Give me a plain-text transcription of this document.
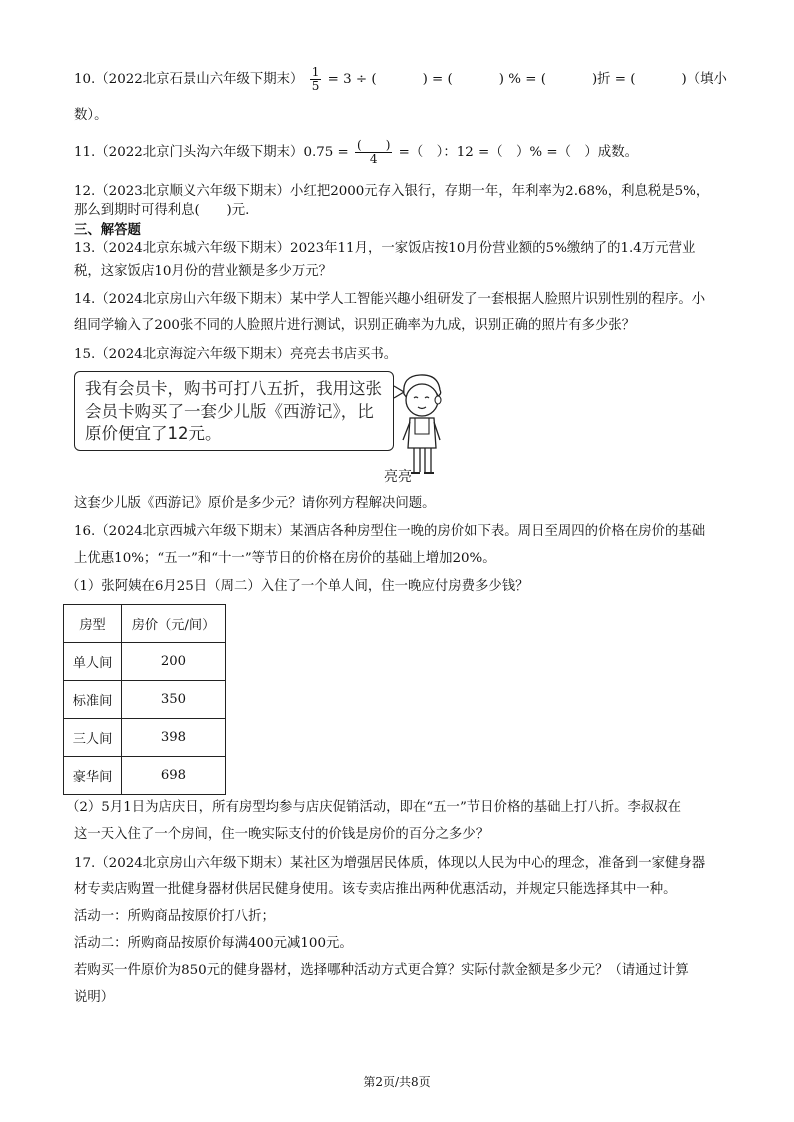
10.（2022北京石景山六年级下期末） $\frac{1}{5} = 3$ ÷ (	) = (	) % = (	)折 = (	)（填小
数）。
11.（2022北京门头沟六年级下期末）$0.75 = \frac{( )}{4}$ =（　）：12 =（　）% =（　）成数。
12.（2023北京顺义六年级下期末）小红把2000元存入银行，存期一年，年利率为2.68%，利息税是5%，
那么到期时可得利息(　　)元.
三、解答题
13.（2024北京东城六年级下期末）2023年11月，一家饭店按10月份营业额的5%缴纳了的1.4万元营业
税，这家饭店10月份的营业额是多少万元？
14.（2024北京房山六年级下期末）某中学人工智能兴趣小组研发了一套根据人脸照片识别性别的程序。小
组同学输入了200张不同的人脸照片进行测试，识别正确率为九成，识别正确的照片有多少张？
15.（2024北京海淀六年级下期末）亮亮去书店买书。
我有会员卡，购书可打八五折，我用这张
会员卡购买了一套少儿版《西游记》，比
原价便宜了12元。
亮亮
这套少儿版《西游记》原价是多少元？请你列方程解决问题。
16.（2024北京西城六年级下期末）某酒店各种房型住一晚的房价如下表。周日至周四的价格在房价的基础
上优惠10%；“五一”和“十一”等节日的价格在房价的基础上增加20%。
（1）张阿姨在6月25日（周二）入住了一个单人间，住一晚应付房费多少钱？
房型	房价（元/间）
单人间	200
标准间	350
三人间	398
豪华间	698
（2）5月1日为店庆日，所有房型均参与店庆促销活动，即在“五一”节日价格的基础上打八折。李叔叔在
这一天入住了一个房间，住一晚实际支付的价钱是房价的百分之多少？
17.（2024北京房山六年级下期末）某社区为增强居民体质，体现以人民为中心的理念，准备到一家健身器
材专卖店购置一批健身器材供居民健身使用。该专卖店推出两种优惠活动，并规定只能选择其中一种。
活动一：所购商品按原价打八折；
活动二：所购商品按原价每满400元减100元。
若购买一件原价为850元的健身器材，选择哪种活动方式更合算？实际付款金额是多少元？（请通过计算
说明）
第2页/共8页
